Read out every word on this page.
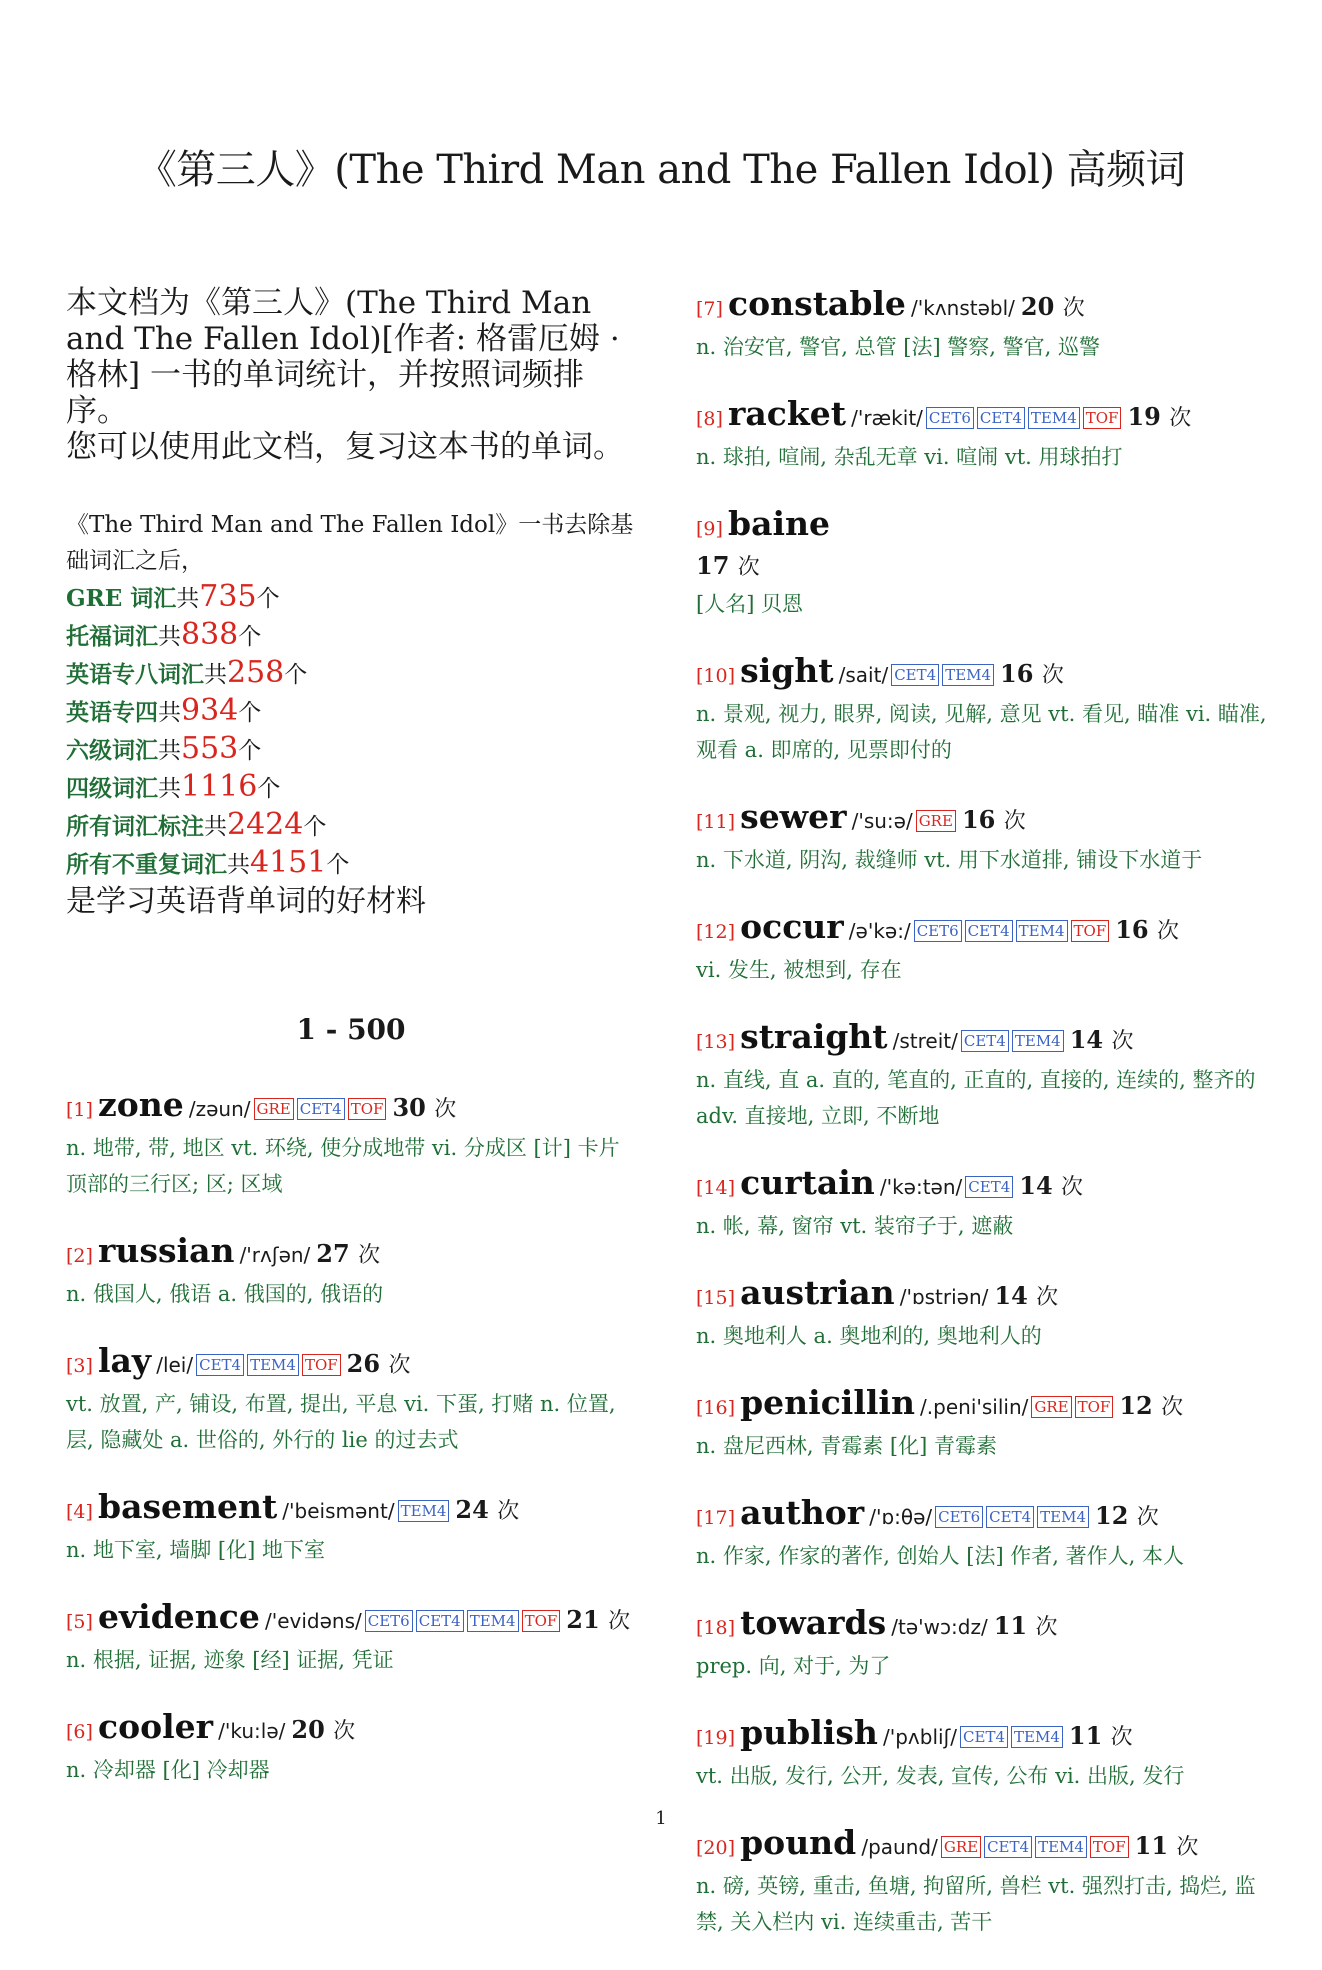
《第三人》(The Third Man and The Fallen Idol) 高频词

本文档为《第三人》(The Third Man and The Fallen Idol)[作者: 格雷厄姆 · 格林] 一书的单词统计，并按照词频排序。

您可以使用此文档，复习这本书的单词。

《The Third Man and The Fallen Idol》一书去除基础词汇之后，

GRE 词汇共735个

托福词汇共838个

英语专八词汇共258个

英语专四共934个

六级词汇共553个

四级词汇共1116个

所有词汇标注共2424个

所有不重复词汇共4151个

是学习英语背单词的好材料

1 - 500
[1] zone /zəun/ GRE CET4 TOF 30 次
n. 地带, 带, 地区 vt. 环绕, 使分成地带 vi. 分成区 [计] 卡片顶部的三行区; 区; 区域
[2] russian /'rʌʃən/ 27 次
n. 俄国人, 俄语 a. 俄国的, 俄语的
[3] lay /lei/ CET4 TEM4 TOF 26 次
vt. 放置, 产, 铺设, 布置, 提出, 平息 vi. 下蛋, 打赌 n. 位置, 层, 隐藏处 a. 世俗的, 外行的 lie 的过去式
[4] basement /'beismənt/ TEM4 24 次
n. 地下室, 墙脚 [化] 地下室
[5] evidence /'evidəns/ CET6 CET4 TEM4 TOF 21 次
n. 根据, 证据, 迹象 [经] 证据, 凭证
[6] cooler /'ku:lə/ 20 次
n. 冷却器 [化] 冷却器
[7] constable /'kʌnstəbl/ 20 次
n. 治安官, 警官, 总管 [法] 警察, 警官, 巡警
[8] racket /'rækit/ CET6 CET4 TEM4 TOF 19 次
n. 球拍, 喧闹, 杂乱无章 vi. 喧闹 vt. 用球拍打
[9] baine
17 次
[人名] 贝恩
[10] sight /sait/ CET4 TEM4 16 次
n. 景观, 视力, 眼界, 阅读, 见解, 意见 vt. 看见, 瞄准 vi. 瞄准, 观看 a. 即席的, 见票即付的
[11] sewer /'su:ə/ GRE 16 次
n. 下水道, 阴沟, 裁缝师 vt. 用下水道排, 铺设下水道于
[12] occur /ə'kə:/ CET6 CET4 TEM4 TOF 16 次
vi. 发生, 被想到, 存在
[13] straight /streit/ CET4 TEM4 14 次
n. 直线, 直 a. 直的, 笔直的, 正直的, 直接的, 连续的, 整齐的 adv. 直接地, 立即, 不断地
[14] curtain /'kə:tən/ CET4 14 次
n. 帐, 幕, 窗帘 vt. 装帘子于, 遮蔽
[15] austrian /'ɒstriən/ 14 次
n. 奥地利人 a. 奥地利的, 奥地利人的
[16] penicillin /.peni'silin/ GRE TOF 12 次
n. 盘尼西林, 青霉素 [化] 青霉素
[17] author /'ɒ:θə/ CET6 CET4 TEM4 12 次
n. 作家, 作家的著作, 创始人 [法] 作者, 著作人, 本人
[18] towards /tə'wɔ:dz/ 11 次
prep. 向, 对于, 为了
[19] publish /'pʌbliʃ/ CET4 TEM4 11 次
vt. 出版, 发行, 公开, 发表, 宣传, 公布 vi. 出版, 发行
[20] pound /paund/ GRE CET4 TEM4 TOF 11 次
n. 磅, 英镑, 重击, 鱼塘, 拘留所, 兽栏 vt. 强烈打击, 捣烂, 监禁, 关入栏内 vi. 连续重击, 苦干
1
